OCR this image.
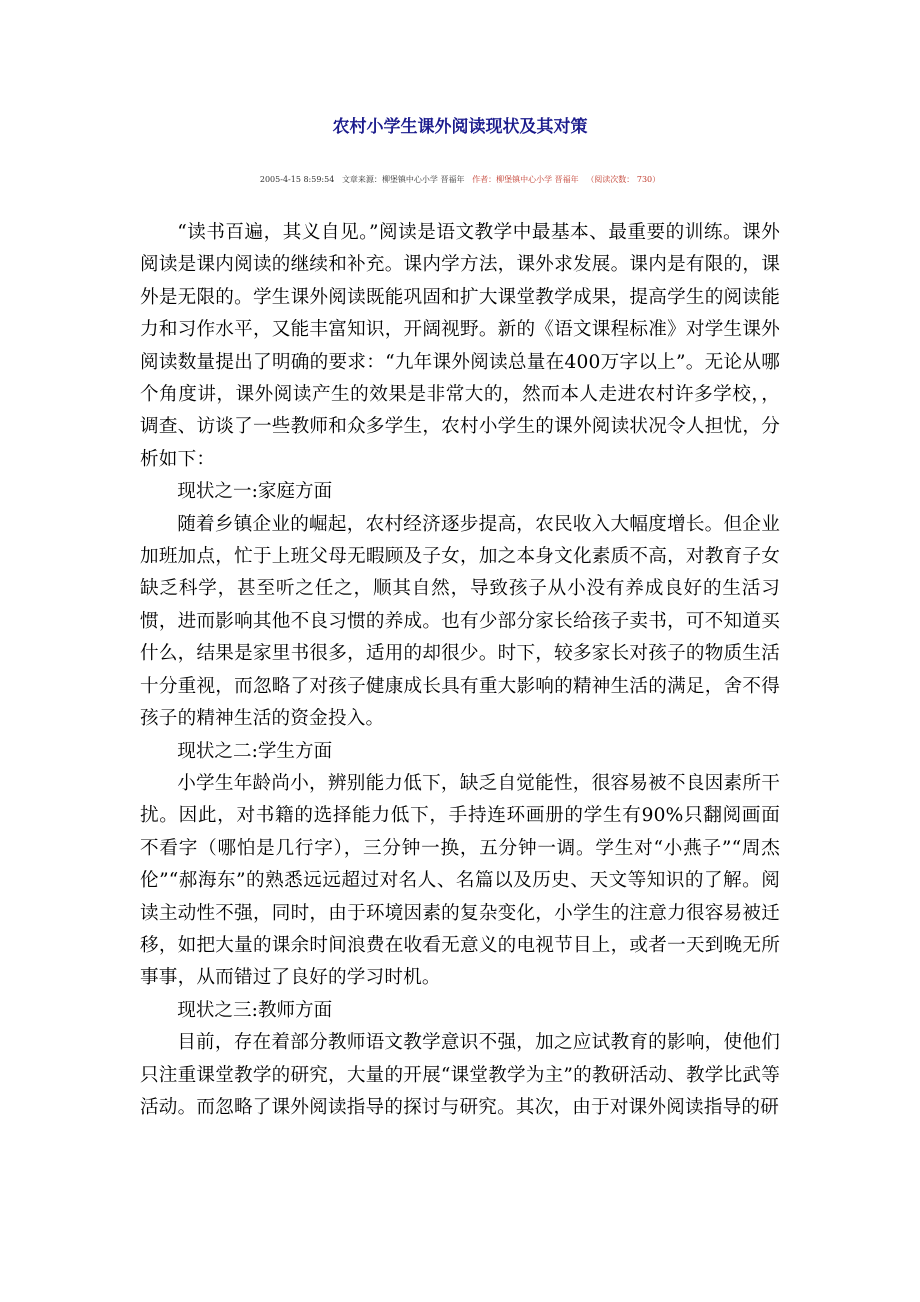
农村小学生课外阅读现状及其对策
2005-4-15 8:59:54 文章来源：柳堡镇中心小学 晋福年 作者：柳堡镇中心小学 晋福年 （阅读次数： 730）

“读书百遍，其义自见。”阅读是语文教学中最基本、最重要的训练。课外阅读是课内阅读的继续和补充。课内学方法，课外求发展。课内是有限的，课外是无限的。学生课外阅读既能巩固和扩大课堂教学成果，提高学生的阅读能力和习作水平，又能丰富知识，开阔视野。新的《语文课程标准》对学生课外阅读数量提出了明确的要求：“九年课外阅读总量在400万字以上”。无论从哪个角度讲，课外阅读产生的效果是非常大的，然而本人走进农村许多学校，，调查、访谈了一些教师和众多学生，农村小学生的课外阅读状况令人担忧，分析如下：

现状之一:家庭方面

随着乡镇企业的崛起，农村经济逐步提高，农民收入大幅度增长。但企业加班加点，忙于上班父母无暇顾及子女，加之本身文化素质不高，对教育子女缺乏科学，甚至听之任之，顺其自然，导致孩子从小没有养成良好的生活习惯，进而影响其他不良习惯的养成。也有少部分家长给孩子卖书，可不知道买什么，结果是家里书很多，适用的却很少。时下，较多家长对孩子的物质生活十分重视，而忽略了对孩子健康成长具有重大影响的精神生活的满足，舍不得孩子的精神生活的资金投入。

现状之二:学生方面

小学生年龄尚小，辨别能力低下，缺乏自觉能性，很容易被不良因素所干扰。因此，对书籍的选择能力低下，手持连环画册的学生有90%只翻阅画面不看字（哪怕是几行字），三分钟一换，五分钟一调。学生对“小燕子”“周杰伦”“郝海东”的熟悉远远超过对名人、名篇以及历史、天文等知识的了解。阅读主动性不强，同时，由于环境因素的复杂变化，小学生的注意力很容易被迁移，如把大量的课余时间浪费在收看无意义的电视节目上，或者一天到晚无所事事，从而错过了良好的学习时机。

现状之三:教师方面

目前，存在着部分教师语文教学意识不强，加之应试教育的影响，使他们只注重课堂教学的研究，大量的开展“课堂教学为主”的教研活动、教学比武等活动。而忽略了课外阅读指导的探讨与研究。其次，由于对课外阅读指导的研
